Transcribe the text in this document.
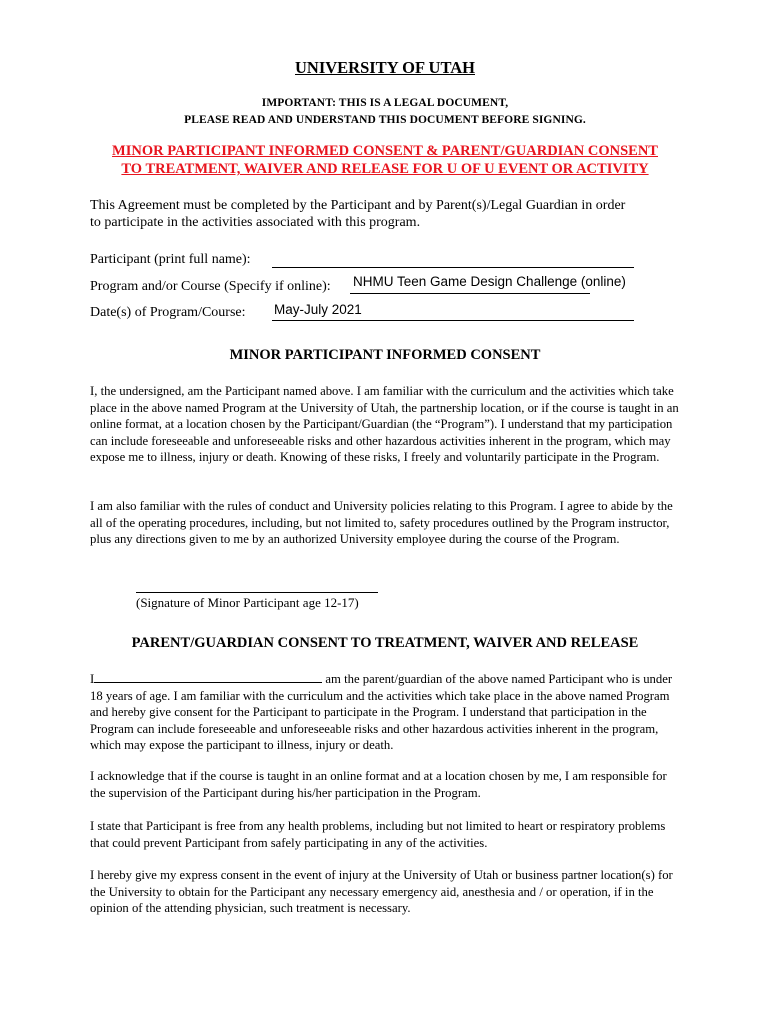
UNIVERSITY OF UTAH
IMPORTANT: THIS IS A LEGAL DOCUMENT,
PLEASE READ AND UNDERSTAND THIS DOCUMENT BEFORE SIGNING.
MINOR PARTICIPANT INFORMED CONSENT & PARENT/GUARDIAN CONSENT
TO TREATMENT, WAIVER AND RELEASE FOR U OF U EVENT OR ACTIVITY
This Agreement must be completed by the Participant and by Parent(s)/Legal Guardian in order
to participate in the activities associated with this program.
Participant (print full name):
Program and/or Course (Specify if online): NHMU Teen Game Design Challenge (online)
Date(s) of Program/Course: May-July 2021
MINOR PARTICIPANT INFORMED CONSENT
I, the undersigned, am the Participant named above. I am familiar with the curriculum and the activities which take place in the above named Program at the University of Utah, the partnership location, or if the course is taught in an online format, at a location chosen by the Participant/Guardian (the “Program”). I understand that my participation can include foreseeable and unforeseeable risks and other hazardous activities inherent in the program, which may expose me to illness, injury or death. Knowing of these risks, I freely and voluntarily participate in the Program.
I am also familiar with the rules of conduct and University policies relating to this Program. I agree to abide by the all of the operating procedures, including, but not limited to, safety procedures outlined by the Program instructor, plus any directions given to me by an authorized University employee during the course of the Program.
(Signature of Minor Participant age 12-17)
PARENT/GUARDIAN CONSENT TO TREATMENT, WAIVER AND RELEASE
I	am the parent/guardian of the above named Participant who is under 18 years of age. I am familiar with the curriculum and the activities which take place in the above named Program and hereby give consent for the Participant to participate in the Program. I understand that participation in the Program can include foreseeable and unforeseeable risks and other hazardous activities inherent in the program, which may expose the participant to illness, injury or death.
I acknowledge that if the course is taught in an online format and at a location chosen by me, I am responsible for the supervision of the Participant during his/her participation in the Program.
I state that Participant is free from any health problems, including but not limited to heart or respiratory problems that could prevent Participant from safely participating in any of the activities.
I hereby give my express consent in the event of injury at the University of Utah or business partner location(s) for the University to obtain for the Participant any necessary emergency aid, anesthesia and / or operation, if in the opinion of the attending physician, such treatment is necessary.
